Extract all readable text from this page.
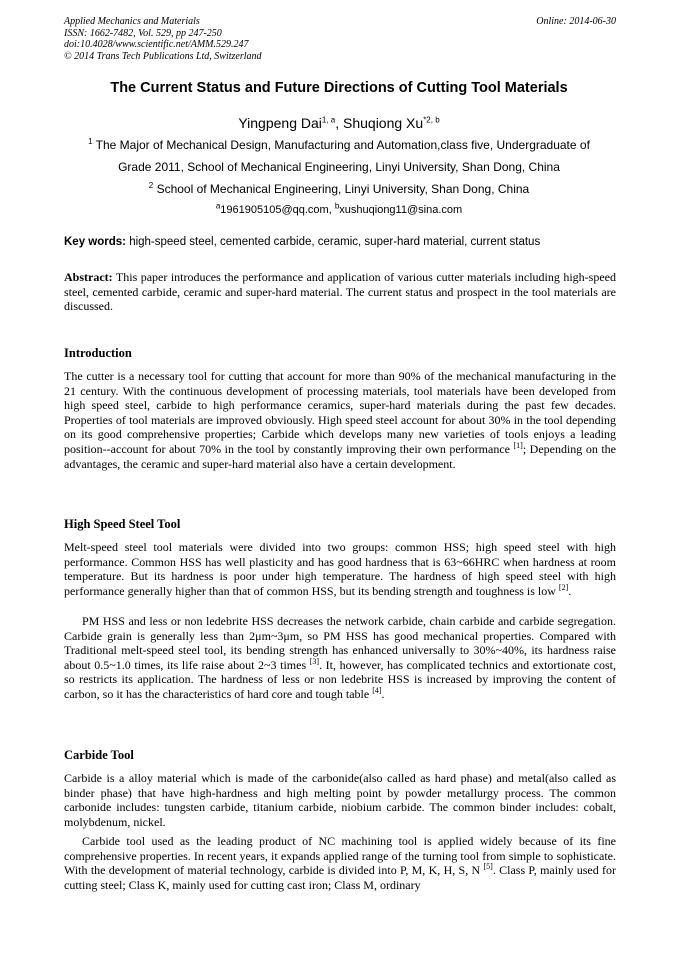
Applied Mechanics and Materials
ISSN: 1662-7482, Vol. 529, pp 247-250
doi:10.4028/www.scientific.net/AMM.529.247
© 2014 Trans Tech Publications Ltd, Switzerland
Online: 2014-06-30
The Current Status and Future Directions of Cutting Tool Materials
Yingpeng Dai$^{1, a}$, Shuqiong Xu$^{*2, b}$
$^1$ The Major of Mechanical Design, Manufacturing and Automation,class five, Undergraduate of
Grade 2011, School of Mechanical Engineering, Linyi University, Shan Dong, China
$^2$ School of Mechanical Engineering, Linyi University, Shan Dong, China
$^a$1961905105@qq.com, $^b$xushuqiong11@sina.com
Key words: high-speed steel, cemented carbide, ceramic, super-hard material, current status
Abstract: This paper introduces the performance and application of various cutter materials including high-speed steel, cemented carbide, ceramic and super-hard material. The current status and prospect in the tool materials are discussed.
Introduction
The cutter is a necessary tool for cutting that account for more than 90% of the mechanical manufacturing in the 21 century. With the continuous development of processing materials, tool materials have been developed from high speed steel, carbide to high performance ceramics, super-hard materials during the past few decades. Properties of tool materials are improved obviously. High speed steel account for about 30% in the tool depending on its good comprehensive properties; Carbide which develops many new varieties of tools enjoys a leading position--account for about 70% in the tool by constantly improving their own performance [1]; Depending on the advantages, the ceramic and super-hard material also have a certain development.
High Speed Steel Tool
Melt-speed steel tool materials were divided into two groups: common HSS; high speed steel with high performance. Common HSS has well plasticity and has good hardness that is 63~66HRC when hardness at room temperature. But its hardness is poor under high temperature. The hardness of high speed steel with high performance generally higher than that of common HSS, but its bending strength and toughness is low [2].
PM HSS and less or non ledebrite HSS decreases the network carbide, chain carbide and carbide segregation. Carbide grain is generally less than 2μm~3μm, so PM HSS has good mechanical properties. Compared with Traditional melt-speed steel tool, its bending strength has enhanced universally to 30%~40%, its hardness raise about 0.5~1.0 times, its life raise about 2~3 times [3]. It, however, has complicated technics and extortionate cost, so restricts its application. The hardness of less or non ledebrite HSS is increased by improving the content of carbon, so it has the characteristics of hard core and tough table [4].
Carbide Tool
Carbide is a alloy material which is made of the carbonide(also called as hard phase) and metal(also called as binder phase) that have high-hardness and high melting point by powder metallurgy process. The common carbonide includes: tungsten carbide, titanium carbide, niobium carbide. The common binder includes: cobalt, molybdenum, nickel.
Carbide tool used as the leading product of NC machining tool is applied widely because of its fine comprehensive properties. In recent years, it expands applied range of the turning tool from simple to sophisticate. With the development of material technology, carbide is divided into P, M, K, H, S, N [5]. Class P, mainly used for cutting steel; Class K, mainly used for cutting cast iron; Class M, ordinary
